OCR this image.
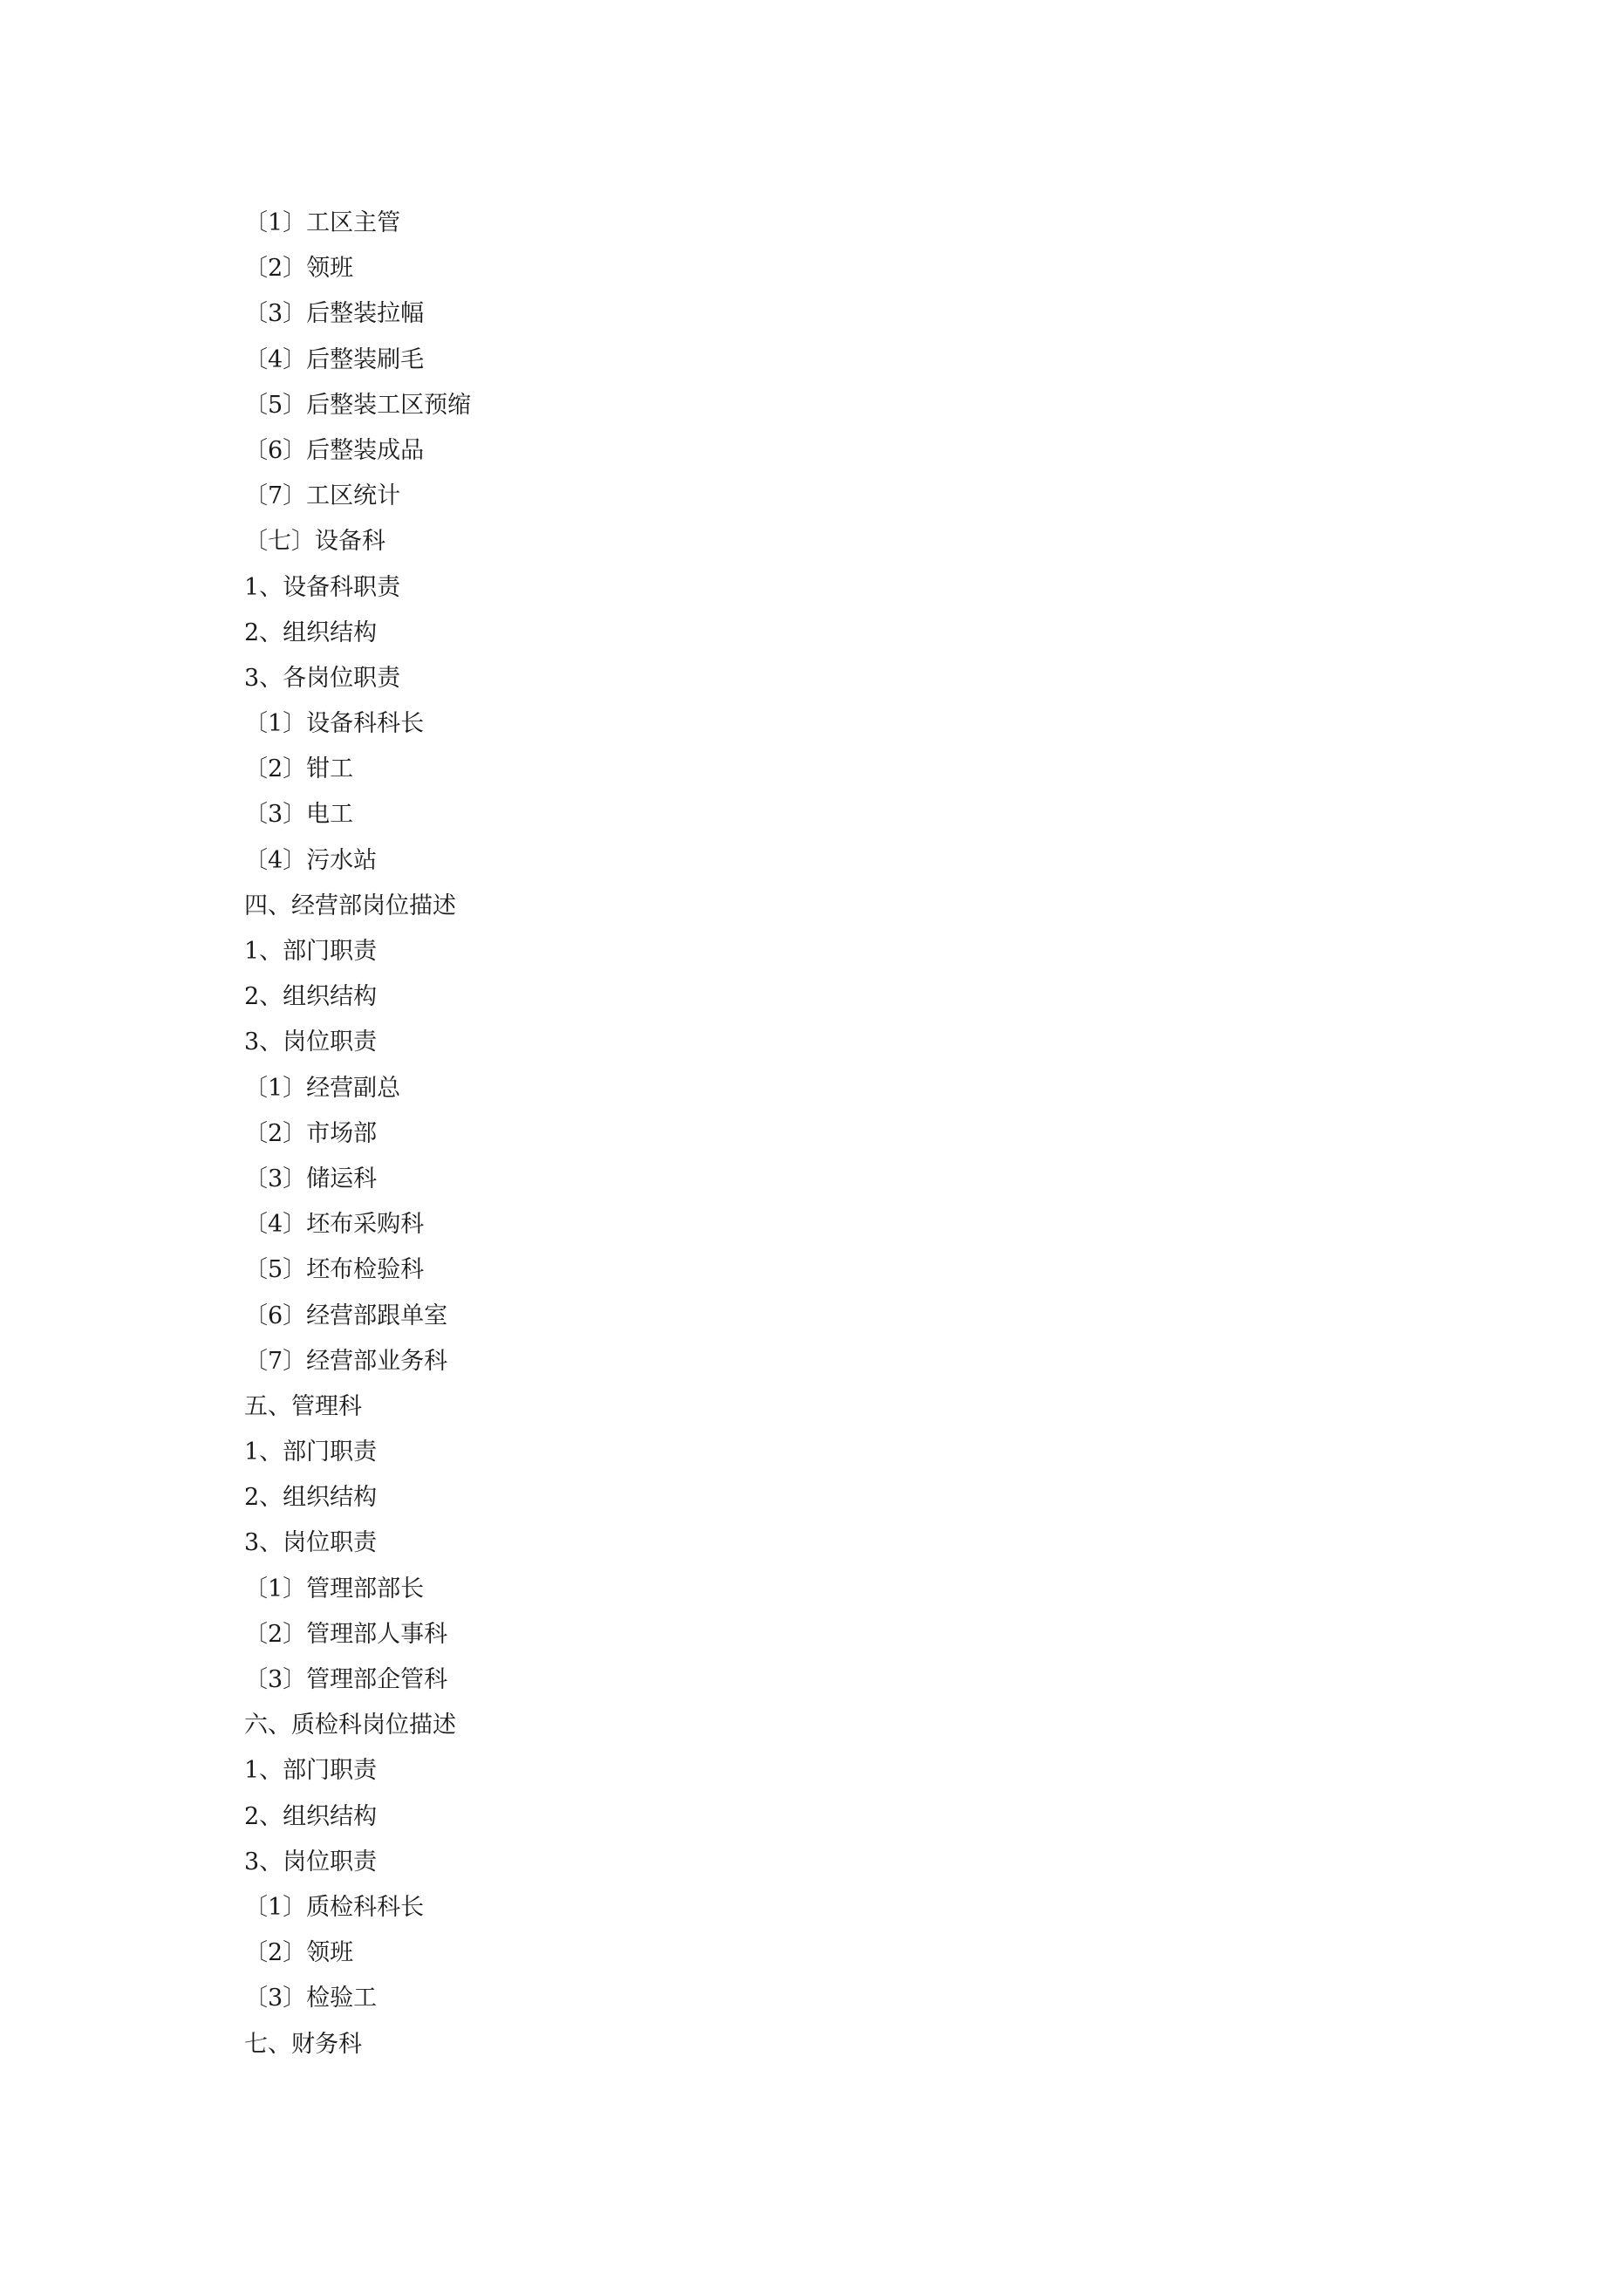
〔1〕工区主管
〔2〕领班
〔3〕后整装拉幅
〔4〕后整装刷毛
〔5〕后整装工区预缩
〔6〕后整装成品
〔7〕工区统计
〔七〕设备科
1、设备科职责
2、组织结构
3、各岗位职责
〔1〕设备科科长
〔2〕钳工
〔3〕电工
〔4〕污水站
四、经营部岗位描述
1、部门职责
2、组织结构
3、岗位职责
〔1〕经营副总
〔2〕市场部
〔3〕储运科
〔4〕坯布采购科
〔5〕坯布检验科
〔6〕经营部跟单室
〔7〕经营部业务科
五、管理科
1、部门职责
2、组织结构
3、岗位职责
〔1〕管理部部长
〔2〕管理部人事科
〔3〕管理部企管科
六、质检科岗位描述
1、部门职责
2、组织结构
3、岗位职责
〔1〕质检科科长
〔2〕领班
〔3〕检验工
七、财务科
